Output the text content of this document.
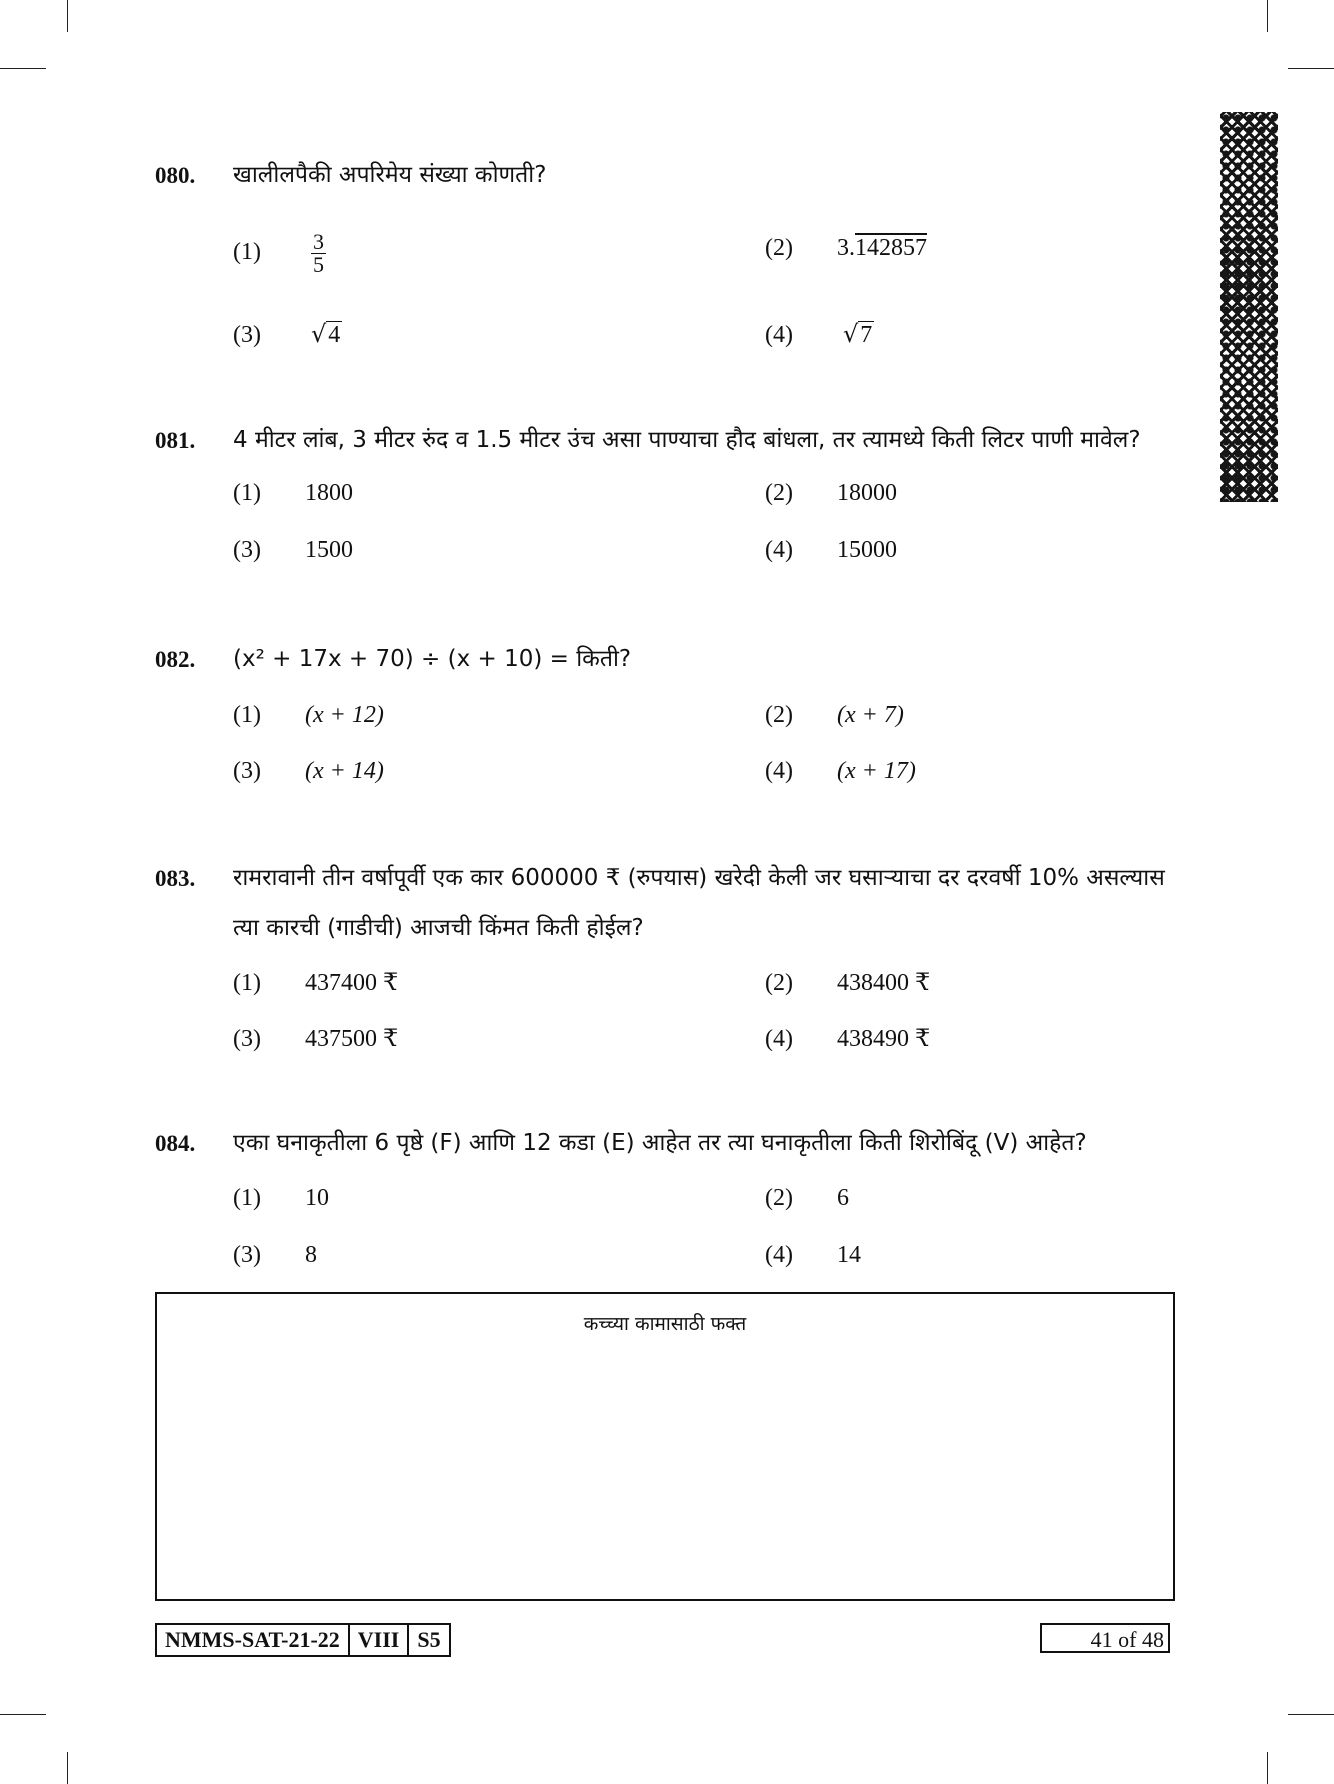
080. खालीलपैकी अपरिमेय संख्या कोणती?
$(1) \frac{3}{5}$	(2) 3.142857
(3) √4	(4) √7
081. 4 मीटर लांब, 3 मीटर रुंद व 1.5 मीटर उंच असा पाण्याचा हौद बांधला, तर त्यामध्ये किती लिटर पाणी मावेल?
(1) 1800	(2) 18000
(3) 1500	(4) 15000
082. (x² + 17x + 70) ÷ (x + 10) = किती?
(1) (x + 12)	(2) (x + 7)
(3) (x + 14)	(4) (x + 17)
083. रामरावानी तीन वर्षापूर्वी एक कार 600000 ₹ (रुपयास) खरेदी केली जर घसाऱ्याचा दर दरवर्षी 10% असल्यास त्या कारची (गाडीची) आजची किंमत किती होईल?
(1) 437400 ₹	(2) 438400 ₹
(3) 437500 ₹	(4) 438490 ₹
084. एका घनाकृतीला 6 पृष्ठे (F) आणि 12 कडा (E) आहेत तर त्या घनाकृतीला किती शिरोबिंदू (V) आहेत?
(1) 10	(2) 6
(3) 8	(4) 14
कच्च्या कामासाठी फक्त
NMMS-SAT-21-22 VIII S5	41 of 48
